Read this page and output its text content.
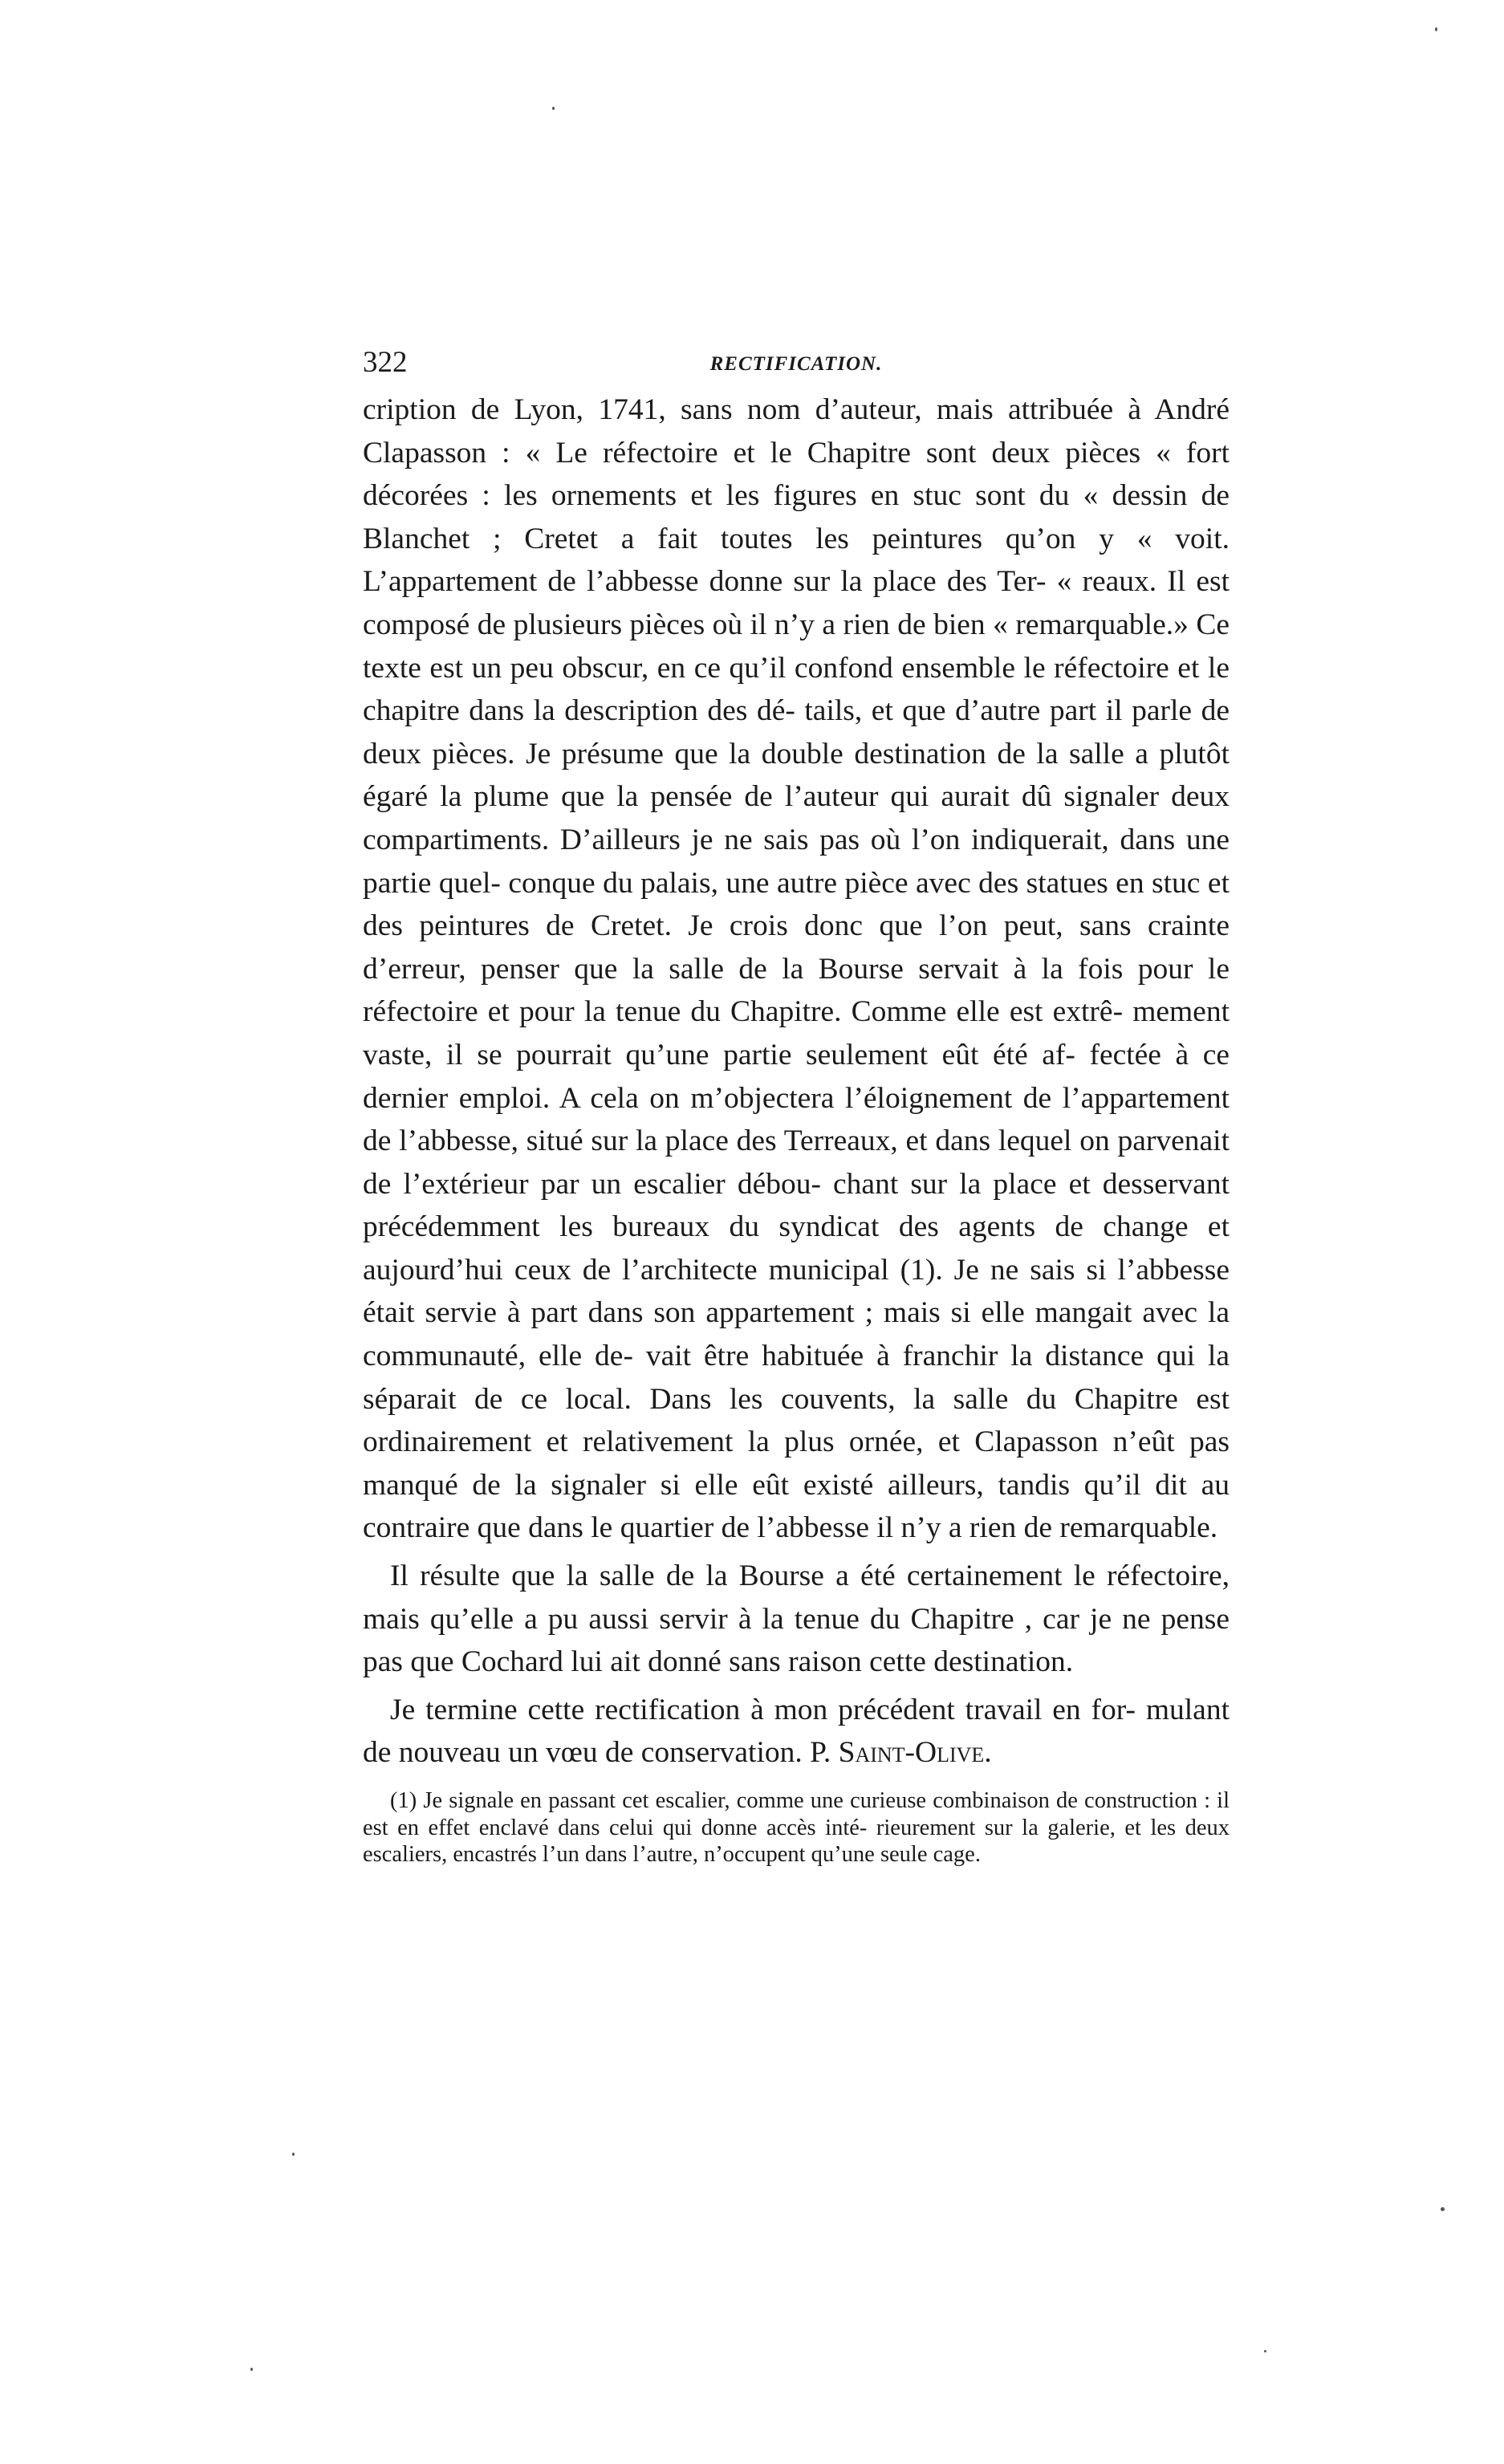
322	RECTIFICATION.

cription de Lyon, 1741, sans nom d’auteur, mais attribuée à André Clapasson : « Le réfectoire et le Chapitre sont deux pièces « fort décorées : les ornements et les figures en stuc sont du « dessin de Blanchet ; Cretet a fait toutes les peintures qu’on y « voit. L’appartement de l’abbesse donne sur la place des Ter- « reaux. Il est composé de plusieurs pièces où il n’y a rien de bien « remarquable.» Ce texte est un peu obscur, en ce qu’il confond ensemble le réfectoire et le chapitre dans la description des dé- tails, et que d’autre part il parle de deux pièces. Je présume que la double destination de la salle a plutôt égaré la plume que la pensée de l’auteur qui aurait dû signaler deux compartiments. D’ailleurs je ne sais pas où l’on indiquerait, dans une partie quel- conque du palais, une autre pièce avec des statues en stuc et des peintures de Cretet. Je crois donc que l’on peut, sans crainte d’erreur, penser que la salle de la Bourse servait à la fois pour le réfectoire et pour la tenue du Chapitre. Comme elle est extrê- mement vaste, il se pourrait qu’une partie seulement eût été af- fectée à ce dernier emploi. A cela on m’objectera l’éloignement de l’appartement de l’abbesse, situé sur la place des Terreaux, et dans lequel on parvenait de l’extérieur par un escalier débou- chant sur la place et desservant précédemment les bureaux du syndicat des agents de change et aujourd’hui ceux de l’architecte municipal (1). Je ne sais si l’abbesse était servie à part dans son appartement ; mais si elle mangait avec la communauté, elle de- vait être habituée à franchir la distance qui la séparait de ce local. Dans les couvents, la salle du Chapitre est ordinairement et relativement la plus ornée, et Clapasson n’eût pas manqué de la signaler si elle eût existé ailleurs, tandis qu’il dit au contraire que dans le quartier de l’abbesse il n’y a rien de remarquable.

Il résulte que la salle de la Bourse a été certainement le réfectoire, mais qu’elle a pu aussi servir à la tenue du Chapitre , car je ne pense pas que Cochard lui ait donné sans raison cette destination.

Je termine cette rectification à mon précédent travail en for- mulant de nouveau un vœu de conservation. P. Saint-Olive.

(1) Je signale en passant cet escalier, comme une curieuse combinaison de construction : il est en effet enclavé dans celui qui donne accès inté- rieurement sur la galerie, et les deux escaliers, encastrés l’un dans l’autre, n’occupent qu’une seule cage.
